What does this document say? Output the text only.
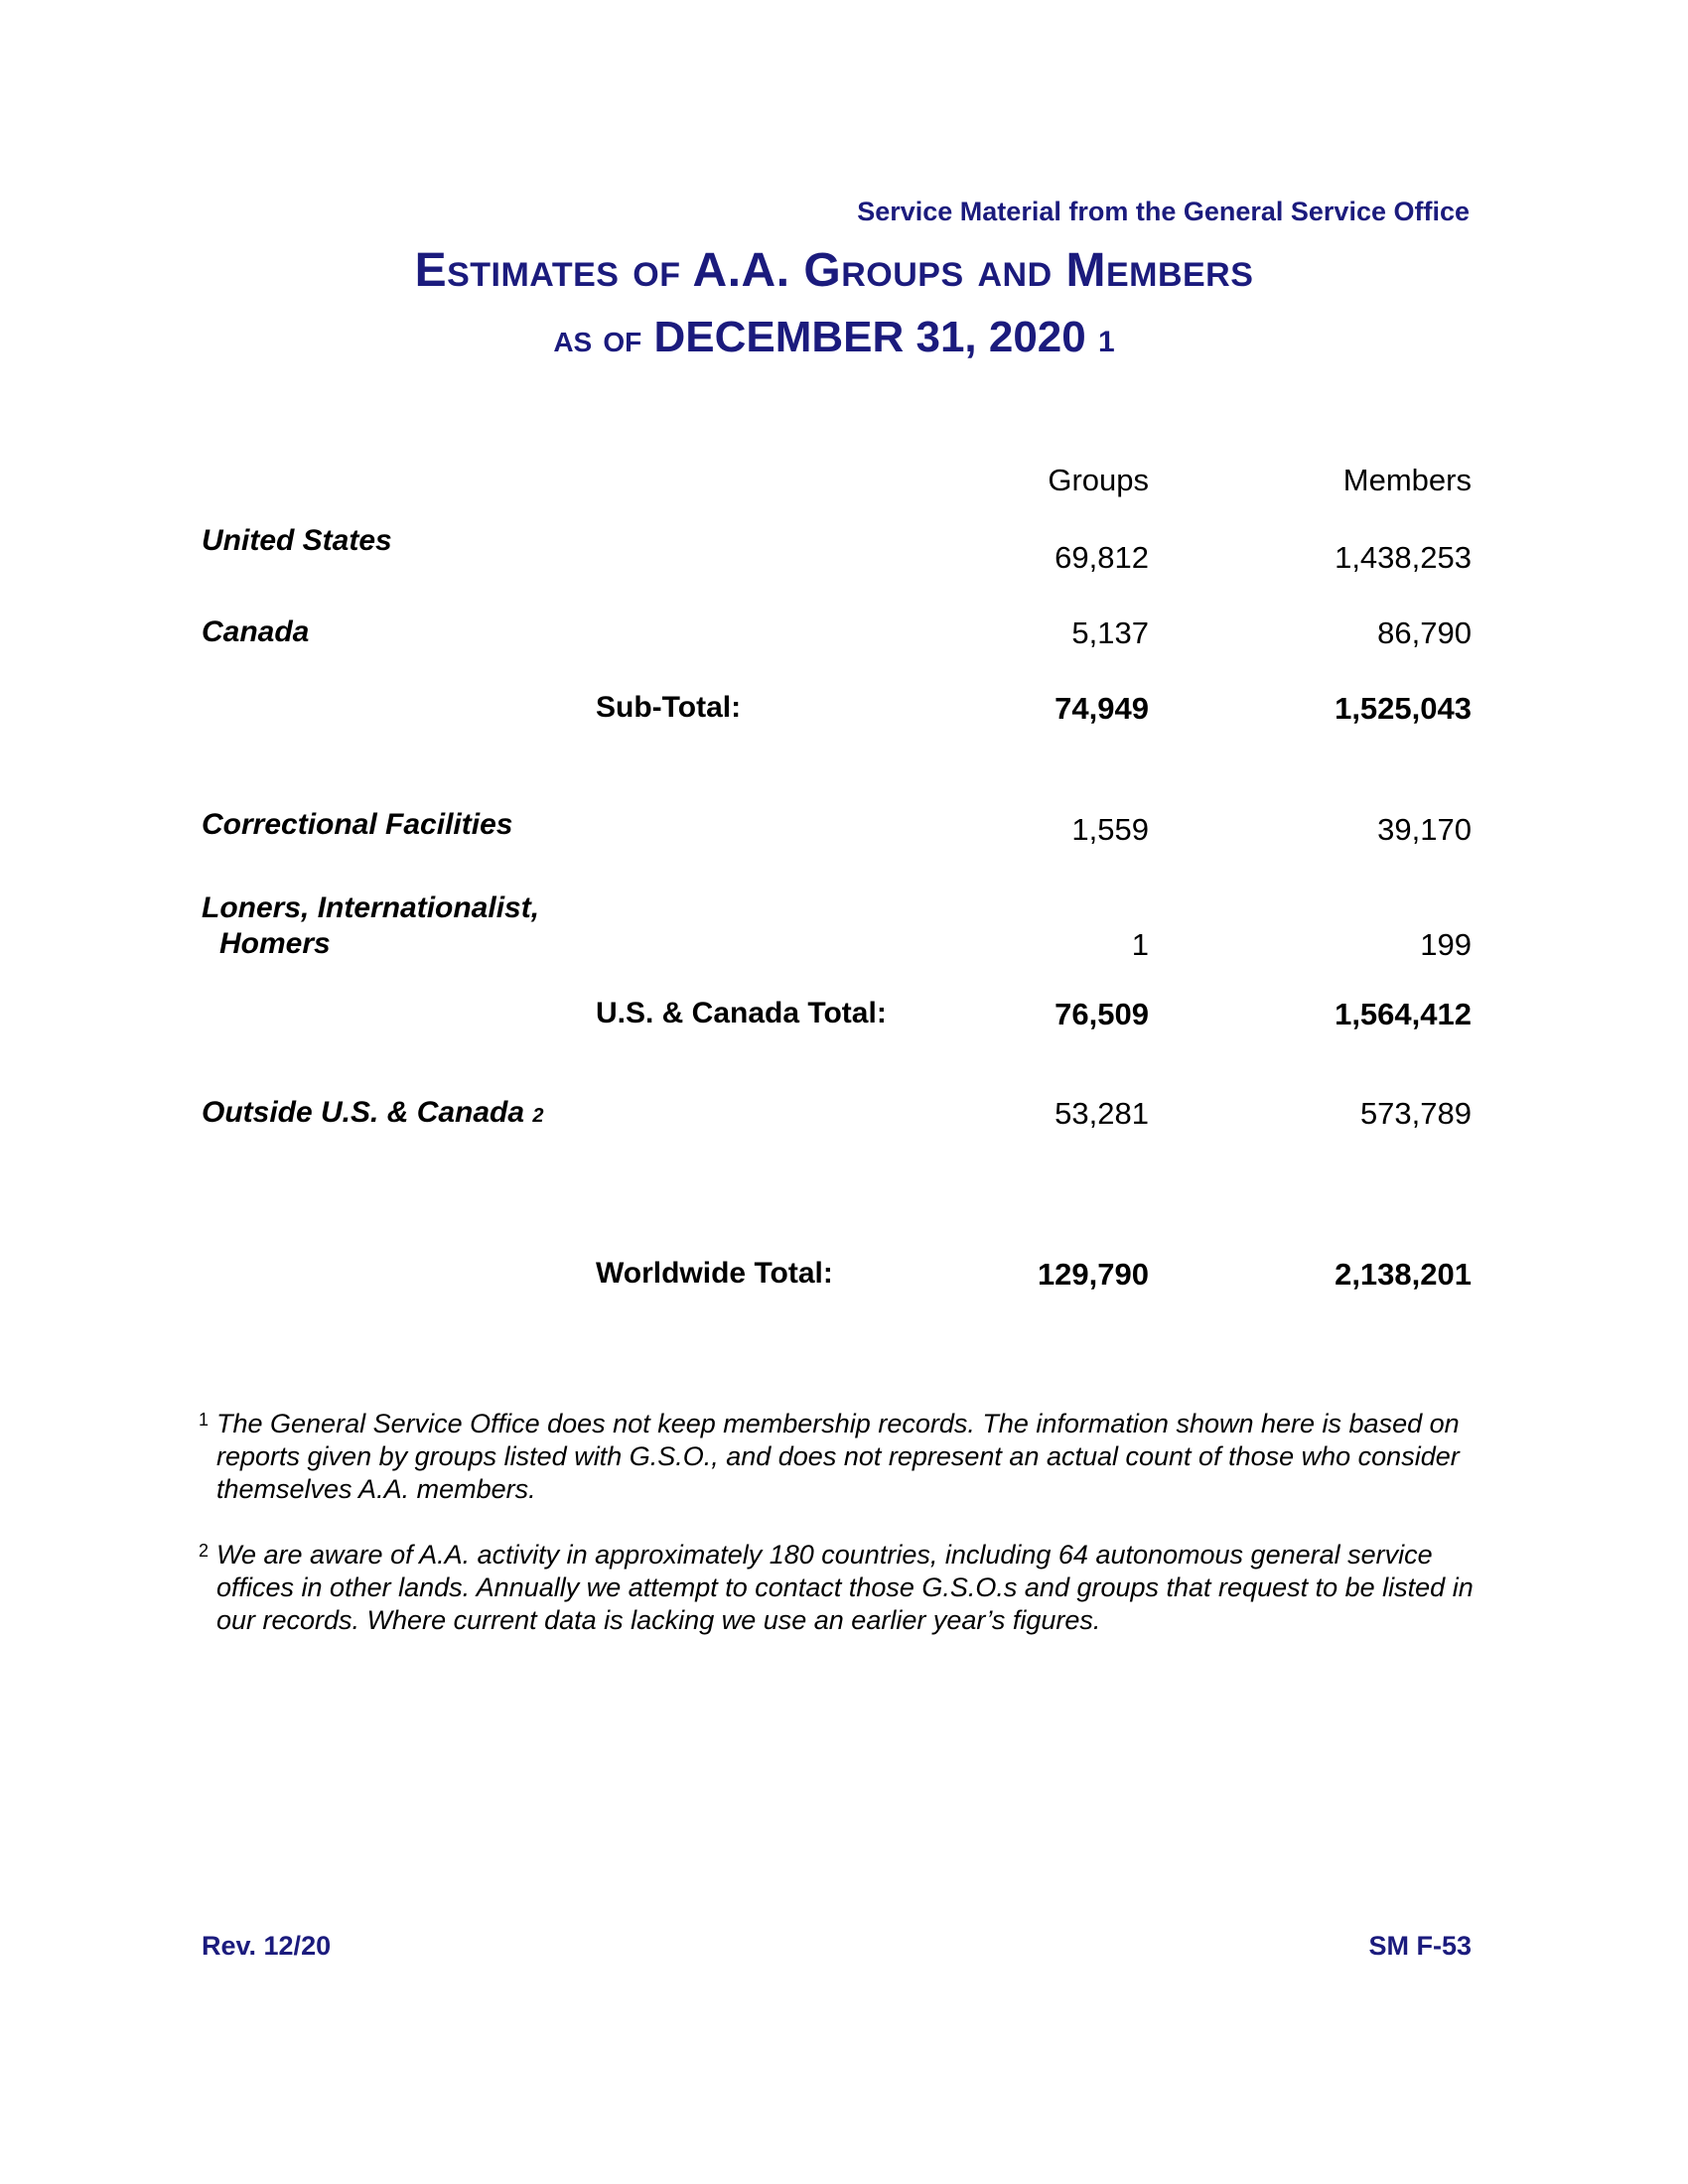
Service Material from the General Service Office
Estimates of A.A. Groups and Members
as of DECEMBER 31, 2020 1
Groups	Members
United States	69,812	1,438,253
Canada	5,137	86,790
Sub-Total:	74,949	1,525,043
Correctional Facilities	1,559	39,170
Loners, Internationalist,
Homers	1	199
U.S. & Canada Total:	76,509	1,564,412
Outside U.S. & Canada 2	53,281	573,789
Worldwide Total:	129,790	2,138,201
1 The General Service Office does not keep membership records. The information shown here is based on reports given by groups listed with G.S.O., and does not represent an actual count of those who consider themselves A.A. members.
2 We are aware of A.A. activity in approximately 180 countries, including 64 autonomous general service offices in other lands. Annually we attempt to contact those G.S.O.s and groups that request to be listed in our records. Where current data is lacking we use an earlier year’s figures.
Rev. 12/20	SM F-53
